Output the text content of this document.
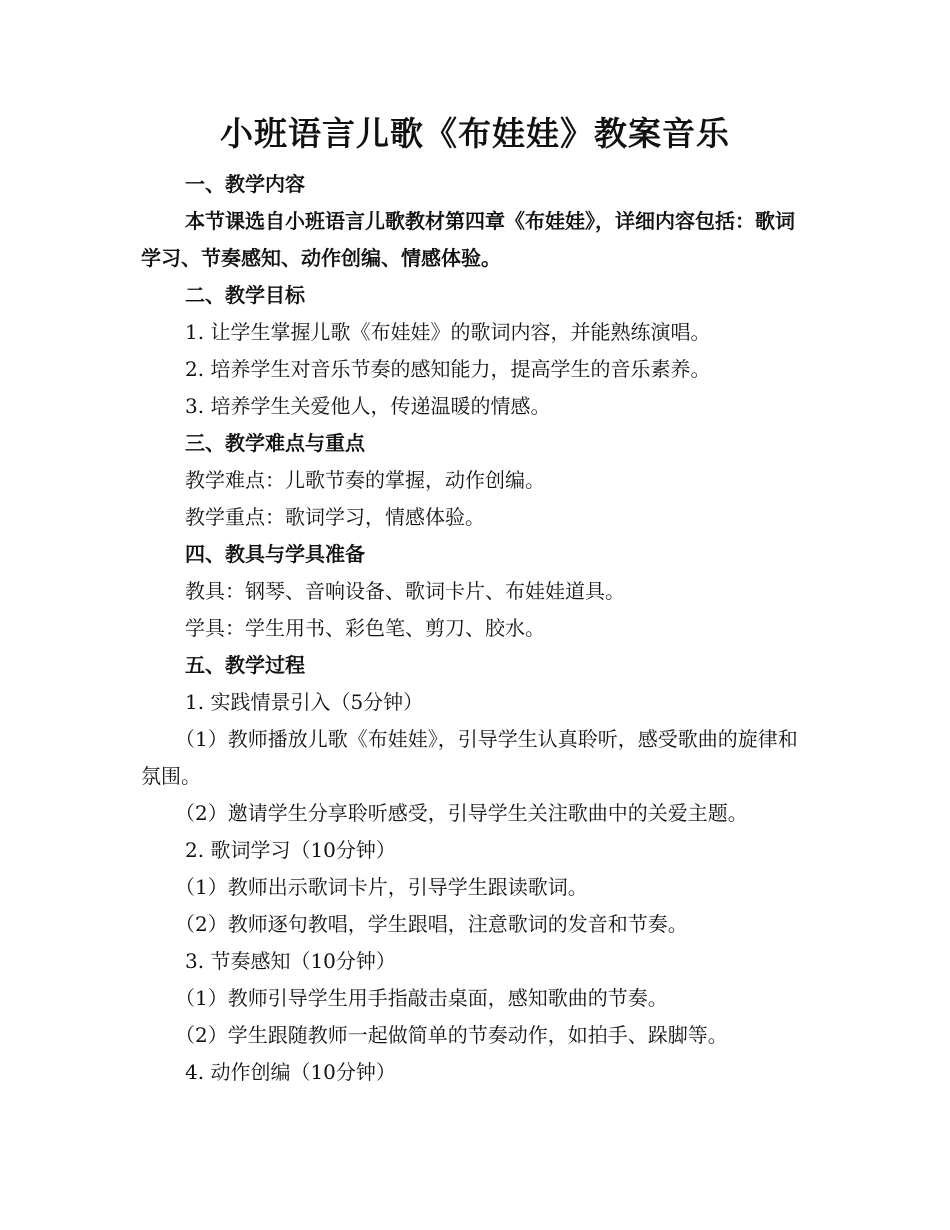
小班语言儿歌《布娃娃》教案音乐

一、教学内容

本节课选自小班语言儿歌教材第四章《布娃娃》，详细内容包括：歌词学习、节奏感知、动作创编、情感体验。

二、教学目标

1. 让学生掌握儿歌《布娃娃》的歌词内容，并能熟练演唱。

2. 培养学生对音乐节奏的感知能力，提高学生的音乐素养。

3. 培养学生关爱他人，传递温暖的情感。

三、教学难点与重点

教学难点：儿歌节奏的掌握，动作创编。

教学重点：歌词学习，情感体验。

四、教具与学具准备

教具：钢琴、音响设备、歌词卡片、布娃娃道具。

学具：学生用书、彩色笔、剪刀、胶水。

五、教学过程

1. 实践情景引入（5分钟）

（1）教师播放儿歌《布娃娃》，引导学生认真聆听，感受歌曲的旋律和氛围。

（2）邀请学生分享聆听感受，引导学生关注歌曲中的关爱主题。

2. 歌词学习（10分钟）

（1）教师出示歌词卡片，引导学生跟读歌词。

（2）教师逐句教唱，学生跟唱，注意歌词的发音和节奏。

3. 节奏感知（10分钟）

（1）教师引导学生用手指敲击桌面，感知歌曲的节奏。

（2）学生跟随教师一起做简单的节奏动作，如拍手、跺脚等。

4. 动作创编（10分钟）
